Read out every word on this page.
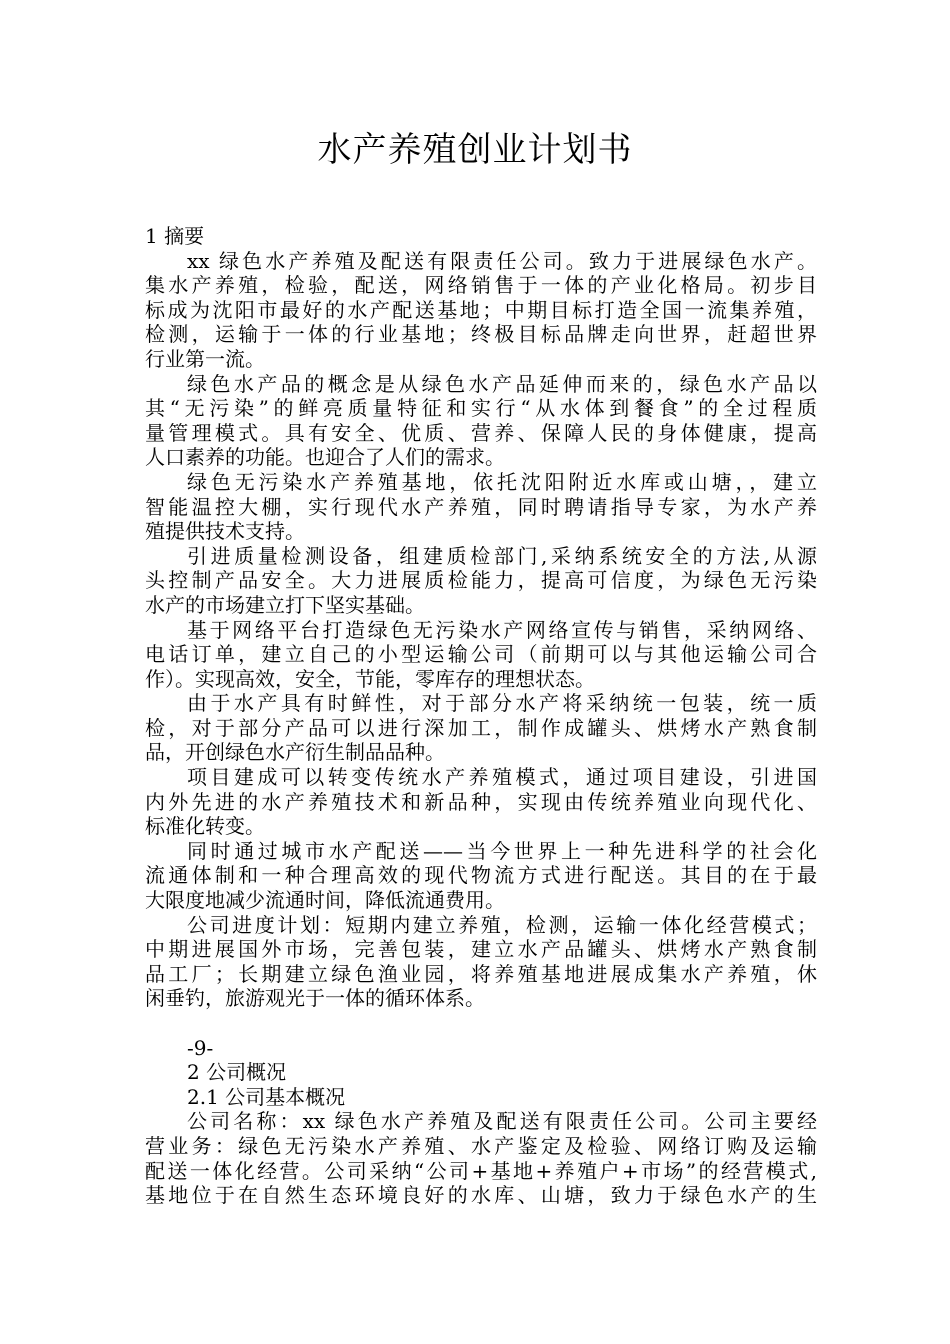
水产养殖创业计划书
1 摘要
xx 绿色水产养殖及配送有限责任公司。致力于进展绿色水产。
集水产养殖，检验，配送，网络销售于一体的产业化格局。初步目
标成为沈阳市最好的水产配送基地；中期目标打造全国一流集养殖，
检测，运输于一体的行业基地；终极目标品牌走向世界，赶超世界
行业第一流。
绿色水产品的概念是从绿色水产品延伸而来的，绿色水产品以
其“无污染”的鲜亮质量特征和实行“从水体到餐食”的全过程质
量管理模式。具有安全、优质、营养、保障人民的身体健康，提高
人口素养的功能。也迎合了人们的需求。
绿色无污染水产养殖基地，依托沈阳附近水库或山塘，，建立
智能温控大棚，实行现代水产养殖，同时聘请指导专家，为水产养
殖提供技术支持。
引进质量检测设备，组建质检部门,采纳系统安全的方法,从源
头控制产品安全。大力进展质检能力，提高可信度，为绿色无污染
水产的市场建立打下坚实基础。
基于网络平台打造绿色无污染水产网络宣传与销售，采纳网络、
电话订单，建立自己的小型运输公司（前期可以与其他运输公司合
作）。实现高效，安全，节能，零库存的理想状态。
由于水产具有时鲜性，对于部分水产将采纳统一包装，统一质
检，对于部分产品可以进行深加工，制作成罐头、烘烤水产熟食制
品，开创绿色水产衍生制品品种。
项目建成可以转变传统水产养殖模式，通过项目建设，引进国
内外先进的水产养殖技术和新品种，实现由传统养殖业向现代化、
标准化转变。
同时通过城市水产配送——当今世界上一种先进科学的社会化
流通体制和一种合理高效的现代物流方式进行配送。其目的在于最
大限度地减少流通时间，降低流通费用。
公司进度计划：短期内建立养殖，检测，运输一体化经营模式；
中期进展国外市场，完善包装，建立水产品罐头、烘烤水产熟食制
品工厂；长期建立绿色渔业园，将养殖基地进展成集水产养殖，休
闲垂钓，旅游观光于一体的循环体系。
-9-
2 公司概况
2.1 公司基本概况
公司名称：xx 绿色水产养殖及配送有限责任公司。公司主要经
营业务：绿色无污染水产养殖、水产鉴定及检验、网络订购及运输
配送一体化经营。公司采纳“公司+基地+养殖户+市场”的经营模式,
基地位于在自然生态环境良好的水库、山塘，致力于绿色水产的生
